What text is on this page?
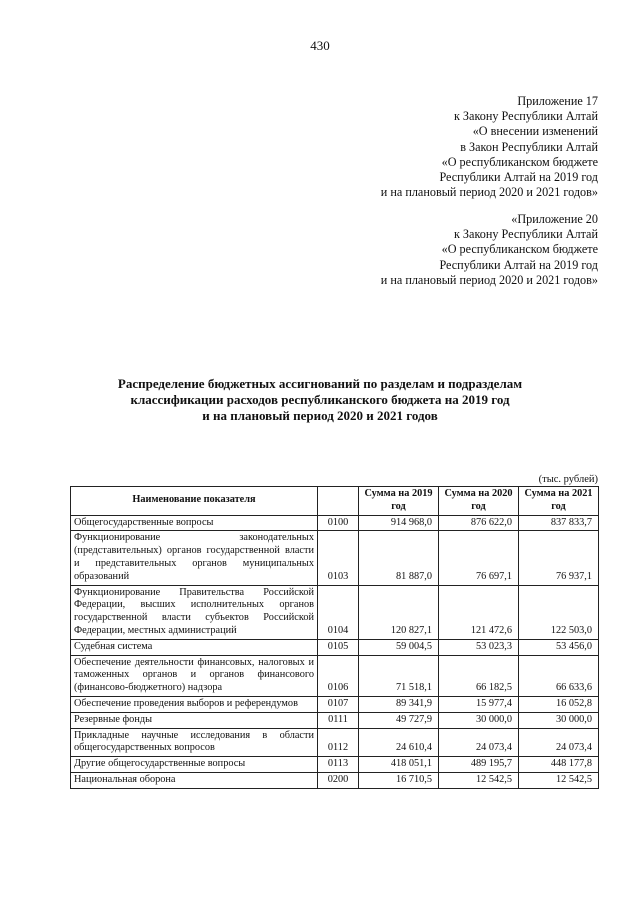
430
Приложение 17
к Закону Республики Алтай
«О внесении изменений
в Закон Республики Алтай
«О республиканском бюджете
Республики Алтай на 2019 год
и на плановый период 2020 и 2021 годов»
«Приложение 20
к Закону Республики Алтай
«О республиканском бюджете
Республики Алтай на 2019 год
и на плановый период 2020 и 2021 годов»
Распределение бюджетных ассигнований по разделам и подразделам
классификации расходов республиканского бюджета на 2019 год
и на плановый период 2020 и 2021 годов
(тыс. рублей)
Наименование показателя		Сумма на 2019 год	Сумма на 2020 год	Сумма на 2021 год
Общегосударственные вопросы	0100	914 968,0	876 622,0	837 833,7
Функционирование законодательных (представительных) органов государственной власти и представительных органов муниципальных образований	0103	81 887,0	76 697,1	76 937,1
Функционирование Правительства Российской Федерации, высших исполнительных органов государственной власти субъектов Российской Федерации, местных администраций	0104	120 827,1	121 472,6	122 503,0
Судебная система	0105	59 004,5	53 023,3	53 456,0
Обеспечение деятельности финансовых, налоговых и таможенных органов и органов финансового (финансово-бюджетного) надзора	0106	71 518,1	66 182,5	66 633,6
Обеспечение проведения выборов и референдумов	0107	89 341,9	15 977,4	16 052,8
Резервные фонды	0111	49 727,9	30 000,0	30 000,0
Прикладные научные исследования в области общегосударственных вопросов	0112	24 610,4	24 073,4	24 073,4
Другие общегосударственные вопросы	0113	418 051,1	489 195,7	448 177,8
Национальная оборона	0200	16 710,5	12 542,5	12 542,5
